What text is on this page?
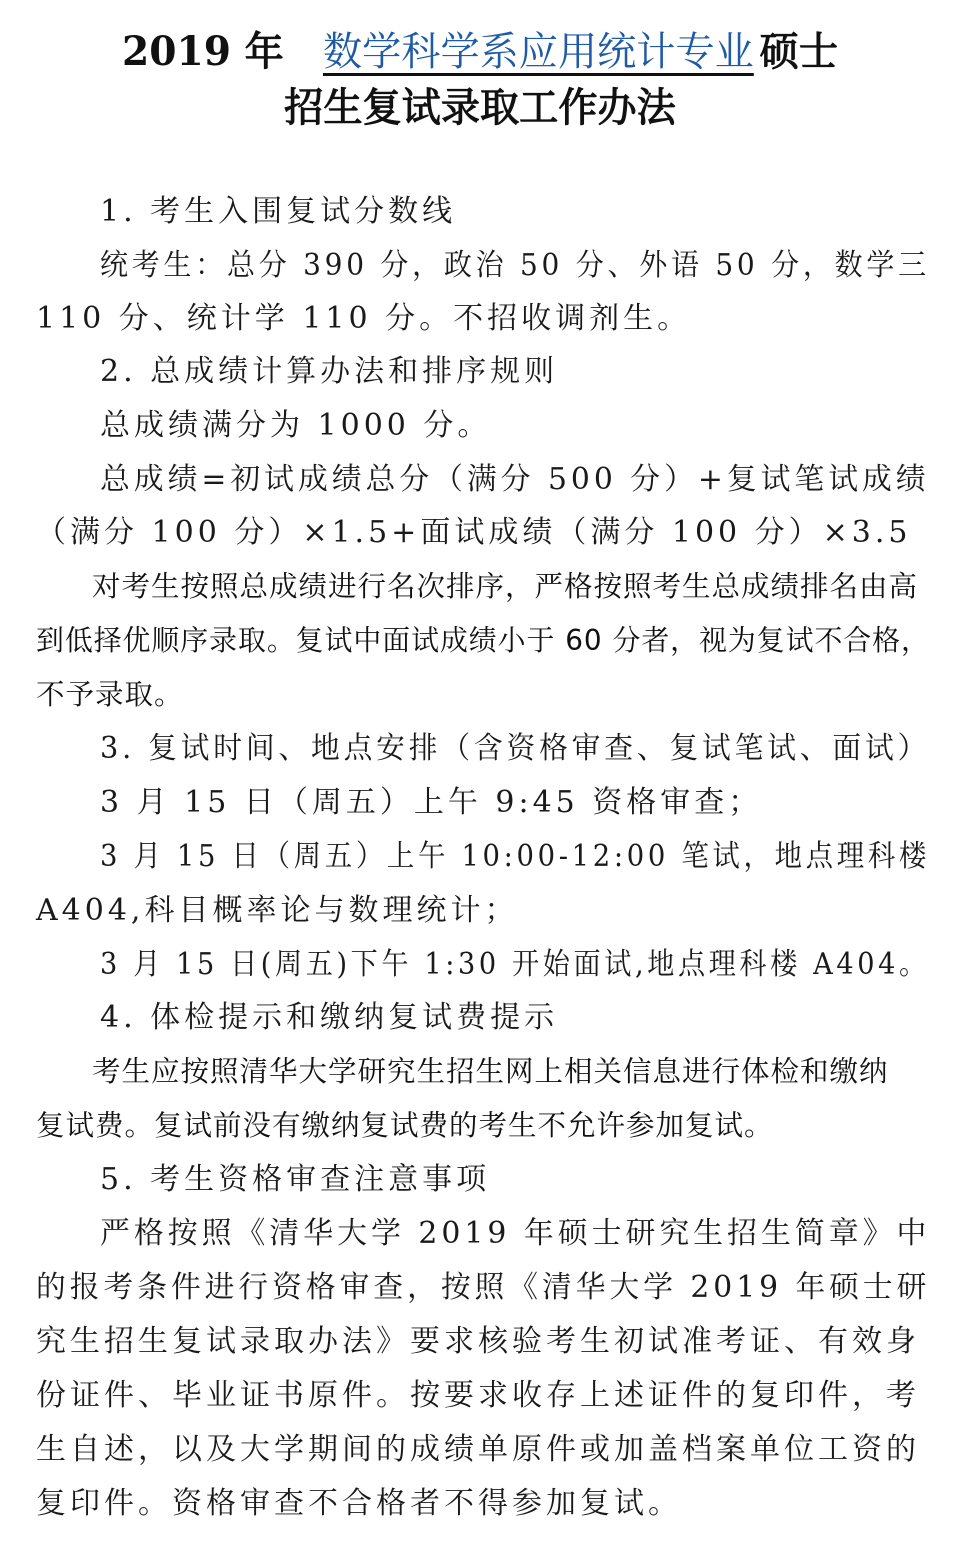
2019 年 数学科学系应用统计专业 硕士
招生复试录取工作办法
1. 考生入围复试分数线
统考生：总分 390 分，政治 50 分、外语 50 分，数学三
110 分、统计学 110 分。不招收调剂生。
2. 总成绩计算办法和排序规则
总成绩满分为 1000 分。
总成绩=初试成绩总分（满分 500 分）+复试笔试成绩
（满分 100 分）×1.5+面试成绩（满分 100 分）×3.5
对考生按照总成绩进行名次排序，严格按照考生总成绩排名由高
到低择优顺序录取。复试中面试成绩小于 60 分者，视为复试不合格，
不予录取。
3. 复试时间、地点安排（含资格审查、复试笔试、面试）
3 月 15 日（周五）上午 9:45 资格审查；
3 月 15 日（周五）上午 10:00-12:00 笔试，地点理科楼
A404,科目概率论与数理统计；
3 月 15 日(周五)下午 1:30 开始面试,地点理科楼 A404。
4. 体检提示和缴纳复试费提示
考生应按照清华大学研究生招生网上相关信息进行体检和缴纳
复试费。复试前没有缴纳复试费的考生不允许参加复试。
5. 考生资格审查注意事项
严格按照《清华大学 2019 年硕士研究生招生简章》中
的报考条件进行资格审查，按照《清华大学 2019 年硕士研
究生招生复试录取办法》要求核验考生初试准考证、有效身
份证件、毕业证书原件。按要求收存上述证件的复印件，考
生自述，以及大学期间的成绩单原件或加盖档案单位工资的
复印件。资格审查不合格者不得参加复试。
